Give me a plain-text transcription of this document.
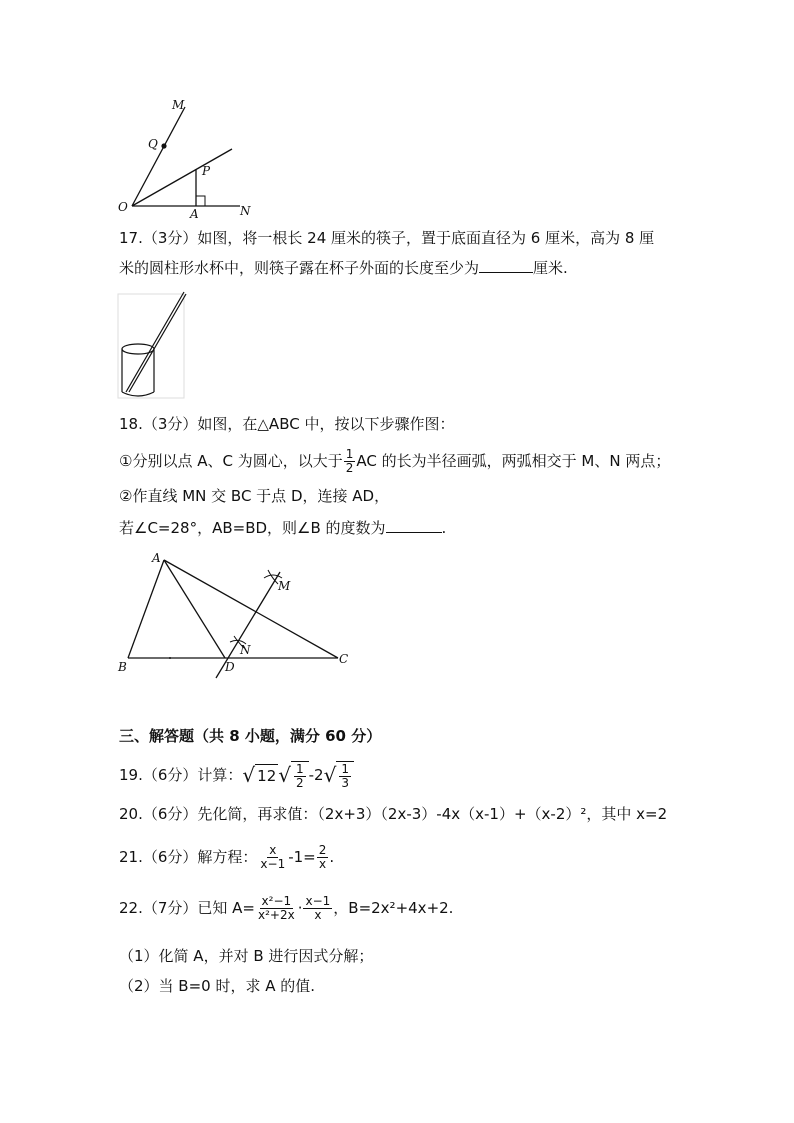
M
Q
P
O	A	N
17.（3分）如图，将一根长 24 厘米的筷子，置于底面直径为 6 厘米，高为 8 厘
米的圆柱形水杯中，则筷子露在杯子外面的长度至少为	厘米.
18.（3分）如图，在△ABC 中，按以下步骤作图：
①分别以点 A、C 为圆心，以大于 $\frac{1}{2}$ AC 的长为半径画弧，两弧相交于 M、N 两点；
②作直线 MN 交 BC 于点 D，连接 AD，
若∠C=28°，AB=BD，则∠B 的度数为	.
A
M
N
B	D
C
三、解答题（共 8 小题，满分 60 分）
19.（6分）计算： √ 12 √ $\frac{1}{2} -2$ √ $\frac{1}{3}$
20.（6分）先化简，再求值：（2x+3）（2x-3）-4x（x-1）+（x-2）²，其中 x=2
21.（6分）解方程： $\frac{x}{x-1} -1= \frac{2}{x}$ .
22.（7分）已知 $A= \frac{\text{x²−1}}{\text{x²+2x}} \cdot \frac{x-1}{x}$ ，B=2x²+4x+2.
（1）化简 A，并对 B 进行因式分解；
（2）当 B=0 时，求 A 的值.
